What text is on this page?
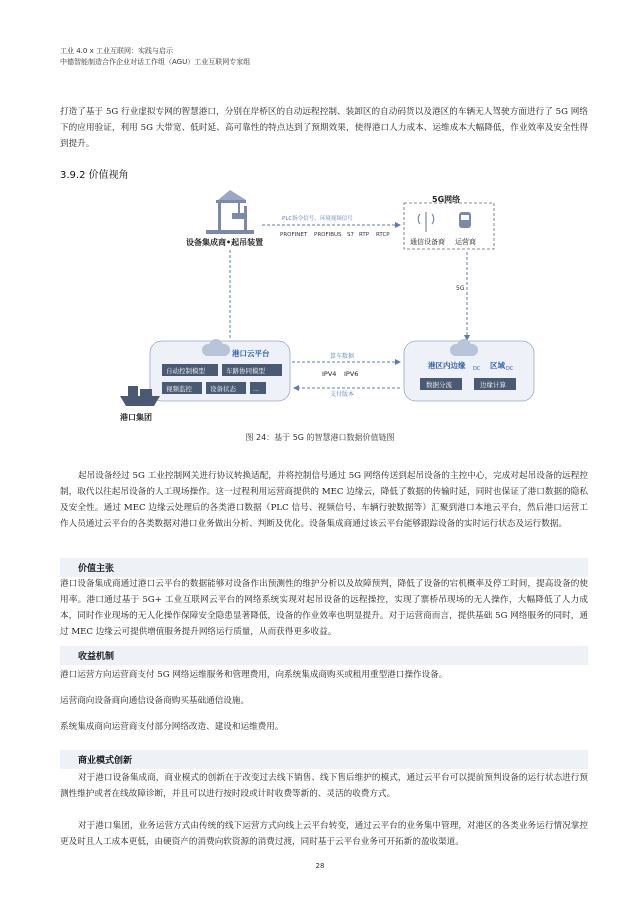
工业 4.0 x 工业互联网：实践与启示
中德智能制造合作企业对话工作组（AGU）工业互联网专家组

打造了基于 5G 行业虚拟专网的智慧港口，分别在岸桥区的自动远程控制、装卸区的自动码货以及港区的车辆无人驾驶方面进行了 5G 网络下的应用验证，利用 5G 大带宽、低时延、高可靠性的特点达到了预期效果，使得港口人力成本、运维成本大幅降低，作业效率及安全性得到提升。

3.9.2 价值视角
设备集成商•起吊装置
5G网络
通信设备商 运营商
PLC指令信号、环境视频信号
PROFINET PROFIBUS S7 RTP RTCP
5G
港口云平台
自动控制模型	车路协同模型
视频监控	设备状态	...
港口集团
算车数据
IPV4 IPV6
支付版本
港区内边缘 DC 区域 DC
数据分流	边缘计算
图 24：基于 5G 的智慧港口数据价值链图

起吊设备经过 5G 工业控制网关进行协议转换适配，并将控制信号通过 5G 网络传送到起吊设备的主控中心，完成对起吊设备的远程控制，取代以往起吊设备的人工现场操作。这一过程利用运营商提供的 MEC 边缘云，降低了数据的传输时延，同时也保证了港口数据的隐私及安全性。通过 MEC 边缘云处理后的各类港口数据（PLC 信号、视频信号、车辆行驶数据等）汇聚到港口本地云平台，然后港口运营工作人员通过云平台的各类数据对港口业务做出分析、判断及优化。设备集成商通过该云平台能够跟踪设备的实时运行状态及运行数据。

价值主张

港口设备集成商通过港口云平台的数据能够对设备作出预测性的维护分析以及故障预判，降低了设备的宕机概率及停工时间，提高设备的使用率。港口通过基于 5G+ 工业互联网云平台的网络系统实现对起吊设备的远程操控，实现了寨桥吊现场的无人操作，大幅降低了人力成本，同时作业现场的无人化操作保障安全隐患显著降低，设备的作业效率也明显提升。对于运营商而言，提供基础 5G 网络服务的同时，通过 MEC 边缘云可提供增值服务提升网络运行质量，从而获得更多收益。

收益机制

港口运营方向运营商支付 5G 网络运维服务和管理费用，向系统集成商购买或租用重型港口操作设备。

运营商向设备商向通信设备商购买基础通信设施。

系统集成商向运营商支付部分网络改造、建设和运维费用。

商业模式创新

对于港口设备集成商，商业模式的创新在于改变过去线下销售、线下售后维护的模式，通过云平台可以提前预判设备的运行状态进行预测性维护或者在线故障诊断，并且可以进行按时段或计时收费等新的、灵活的收费方式。

对于港口集团，业务运营方式由传统的线下运营方式向线上云平台转变，通过云平台的业务集中管理，对港区的各类业务运行情况掌控更及时且人工成本更低，由硬资产的消费向软资源的消费过渡，同时基于云平台业务可开拓新的盈收渠道。

28
